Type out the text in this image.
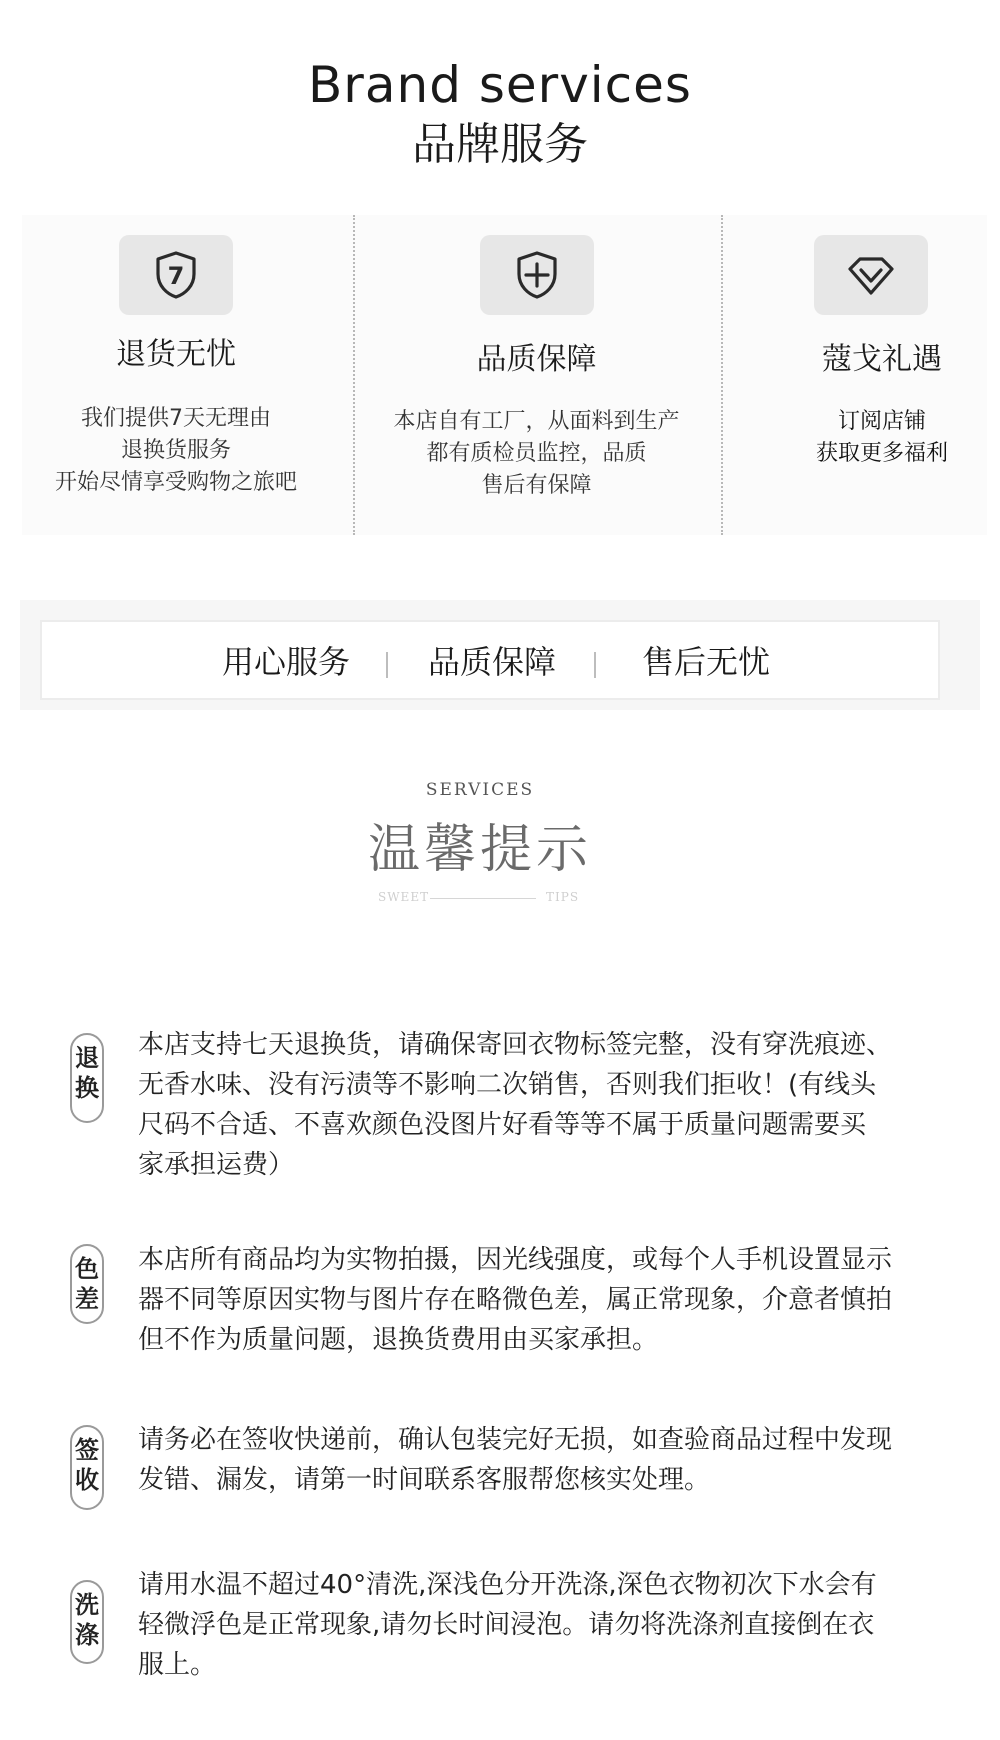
Brand services
品牌服务
7
退货无忧
我们提供7天无理由
退换货服务
开始尽情享受购物之旅吧
品质保障
本店自有工厂，从面料到生产
都有质检员监控，品质
售后有保障
蔻戈礼遇
订阅店铺
获取更多福利
用心服务 品质保障	售后无忧
SERVICES
温馨提示
SWEET	TIPS
退
换
本店支持七天退换货，请确保寄回衣物标签完整，没有穿洗痕迹、
无香水味、没有污渍等不影响二次销售，否则我们拒收！(有线头
尺码不合适、不喜欢颜色没图片好看等等不属于质量问题需要买
家承担运费）
色
差
本店所有商品均为实物拍摄，因光线强度，或每个人手机设置显示
器不同等原因实物与图片存在略微色差，属正常现象，介意者慎拍
但不作为质量问题，退换货费用由买家承担。
签
收
请务必在签收快递前，确认包装完好无损，如查验商品过程中发现
发错、漏发，请第一时间联系客服帮您核实处理。
洗
涤
请用水温不超过40°清洗,深浅色分开洗涤,深色衣物初次下水会有
轻微浮色是正常现象,请勿长时间浸泡。请勿将洗涤剂直接倒在衣
服上。
